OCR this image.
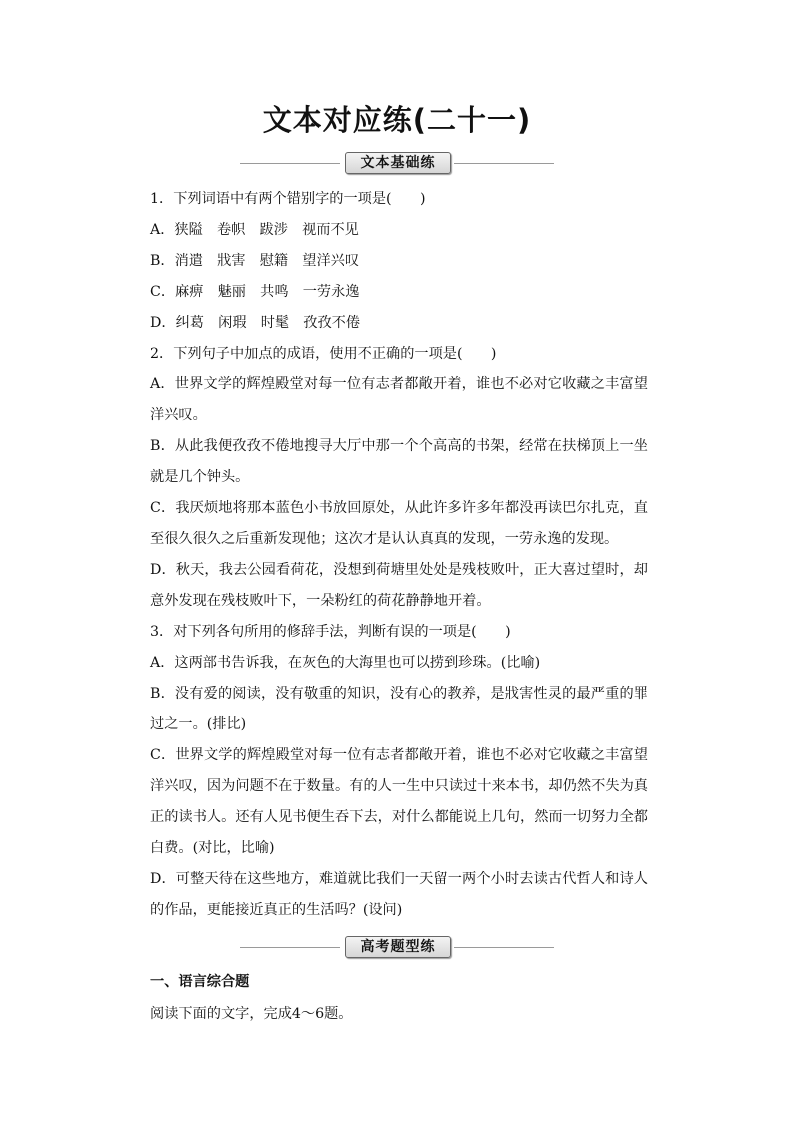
文本对应练(二十一)
文本基础练

1．下列词语中有两个错别字的一项是(　　)

A．狭隘　卷帜　跋涉　视而不见

B．消遣　戕害　慰籍　望洋兴叹

C．麻痹　魅丽　共鸣　一劳永逸

D．纠葛　闲瑕　时髦　孜孜不倦

2．下列句子中加点的成语，使用不正确的一项是(　　)

A．世界文学的辉煌殿堂对每一位有志者都敞开着，谁也不必对它收藏之丰富望洋兴叹。

B．从此我便孜孜不倦地搜寻大厅中那一个个高高的书架，经常在扶梯顶上一坐就是几个钟头。

C．我厌烦地将那本蓝色小书放回原处，从此许多许多年都没再读巴尔扎克，直至很久很久之后重新发现他；这次才是认认真真的发现，一劳永逸的发现。

D．秋天，我去公园看荷花，没想到荷塘里处处是残枝败叶，正大喜过望时，却意外发现在残枝败叶下，一朵粉红的荷花静静地开着。

3．对下列各句所用的修辞手法，判断有误的一项是(　　)

A．这两部书告诉我，在灰色的大海里也可以捞到珍珠。(比喻)

B．没有爱的阅读，没有敬重的知识，没有心的教养，是戕害性灵的最严重的罪过之一。(排比)

C．世界文学的辉煌殿堂对每一位有志者都敞开着，谁也不必对它收藏之丰富望洋兴叹，因为问题不在于数量。有的人一生中只读过十来本书，却仍然不失为真正的读书人。还有人见书便生吞下去，对什么都能说上几句，然而一切努力全都白费。(对比，比喻)

D．可整天待在这些地方，难道就比我们一天留一两个小时去读古代哲人和诗人的作品，更能接近真正的生活吗？(设问)

高考题型练

一、语言综合题

阅读下面的文字，完成4～6题。
